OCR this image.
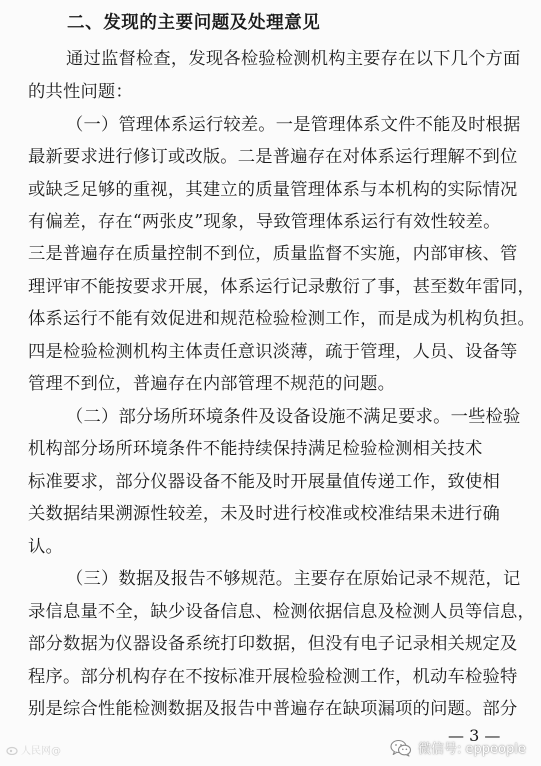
二、发现的主要问题及处理意见
通过监督检查，发现各检验检测机构主要存在以下几个方面
的共性问题：
（一）管理体系运行较差。一是管理体系文件不能及时根据
最新要求进行修订或改版。二是普遍存在对体系运行理解不到位
或缺乏足够的重视，其建立的质量管理体系与本机构的实际情况
有偏差，存在“两张皮”现象，导致管理体系运行有效性较差。
三是普遍存在质量控制不到位，质量监督不实施，内部审核、管
理评审不能按要求开展，体系运行记录敷衍了事，甚至数年雷同，
体系运行不能有效促进和规范检验检测工作，而是成为机构负担。
四是检验检测机构主体责任意识淡薄，疏于管理，人员、设备等
管理不到位，普遍存在内部管理不规范的问题。
（二）部分场所环境条件及设备设施不满足要求。一些检验
机构部分场所环境条件不能持续保持满足检验检测相关技术
标准要求，部分仪器设备不能及时开展量值传递工作，致使相
关数据结果溯源性较差，未及时进行校准或校准结果未进行确
认。
（三）数据及报告不够规范。主要存在原始记录不规范，记
录信息量不全，缺少设备信息、检测依据信息及检测人员等信息，
部分数据为仪器设备系统打印数据，但没有电子记录相关规定及
程序。部分机构存在不按标准开展检验检测工作，机动车检验特
别是综合性能检测数据及报告中普遍存在缺项漏项的问题。部分
— 3 —
人民网@	微信号: eppeople
